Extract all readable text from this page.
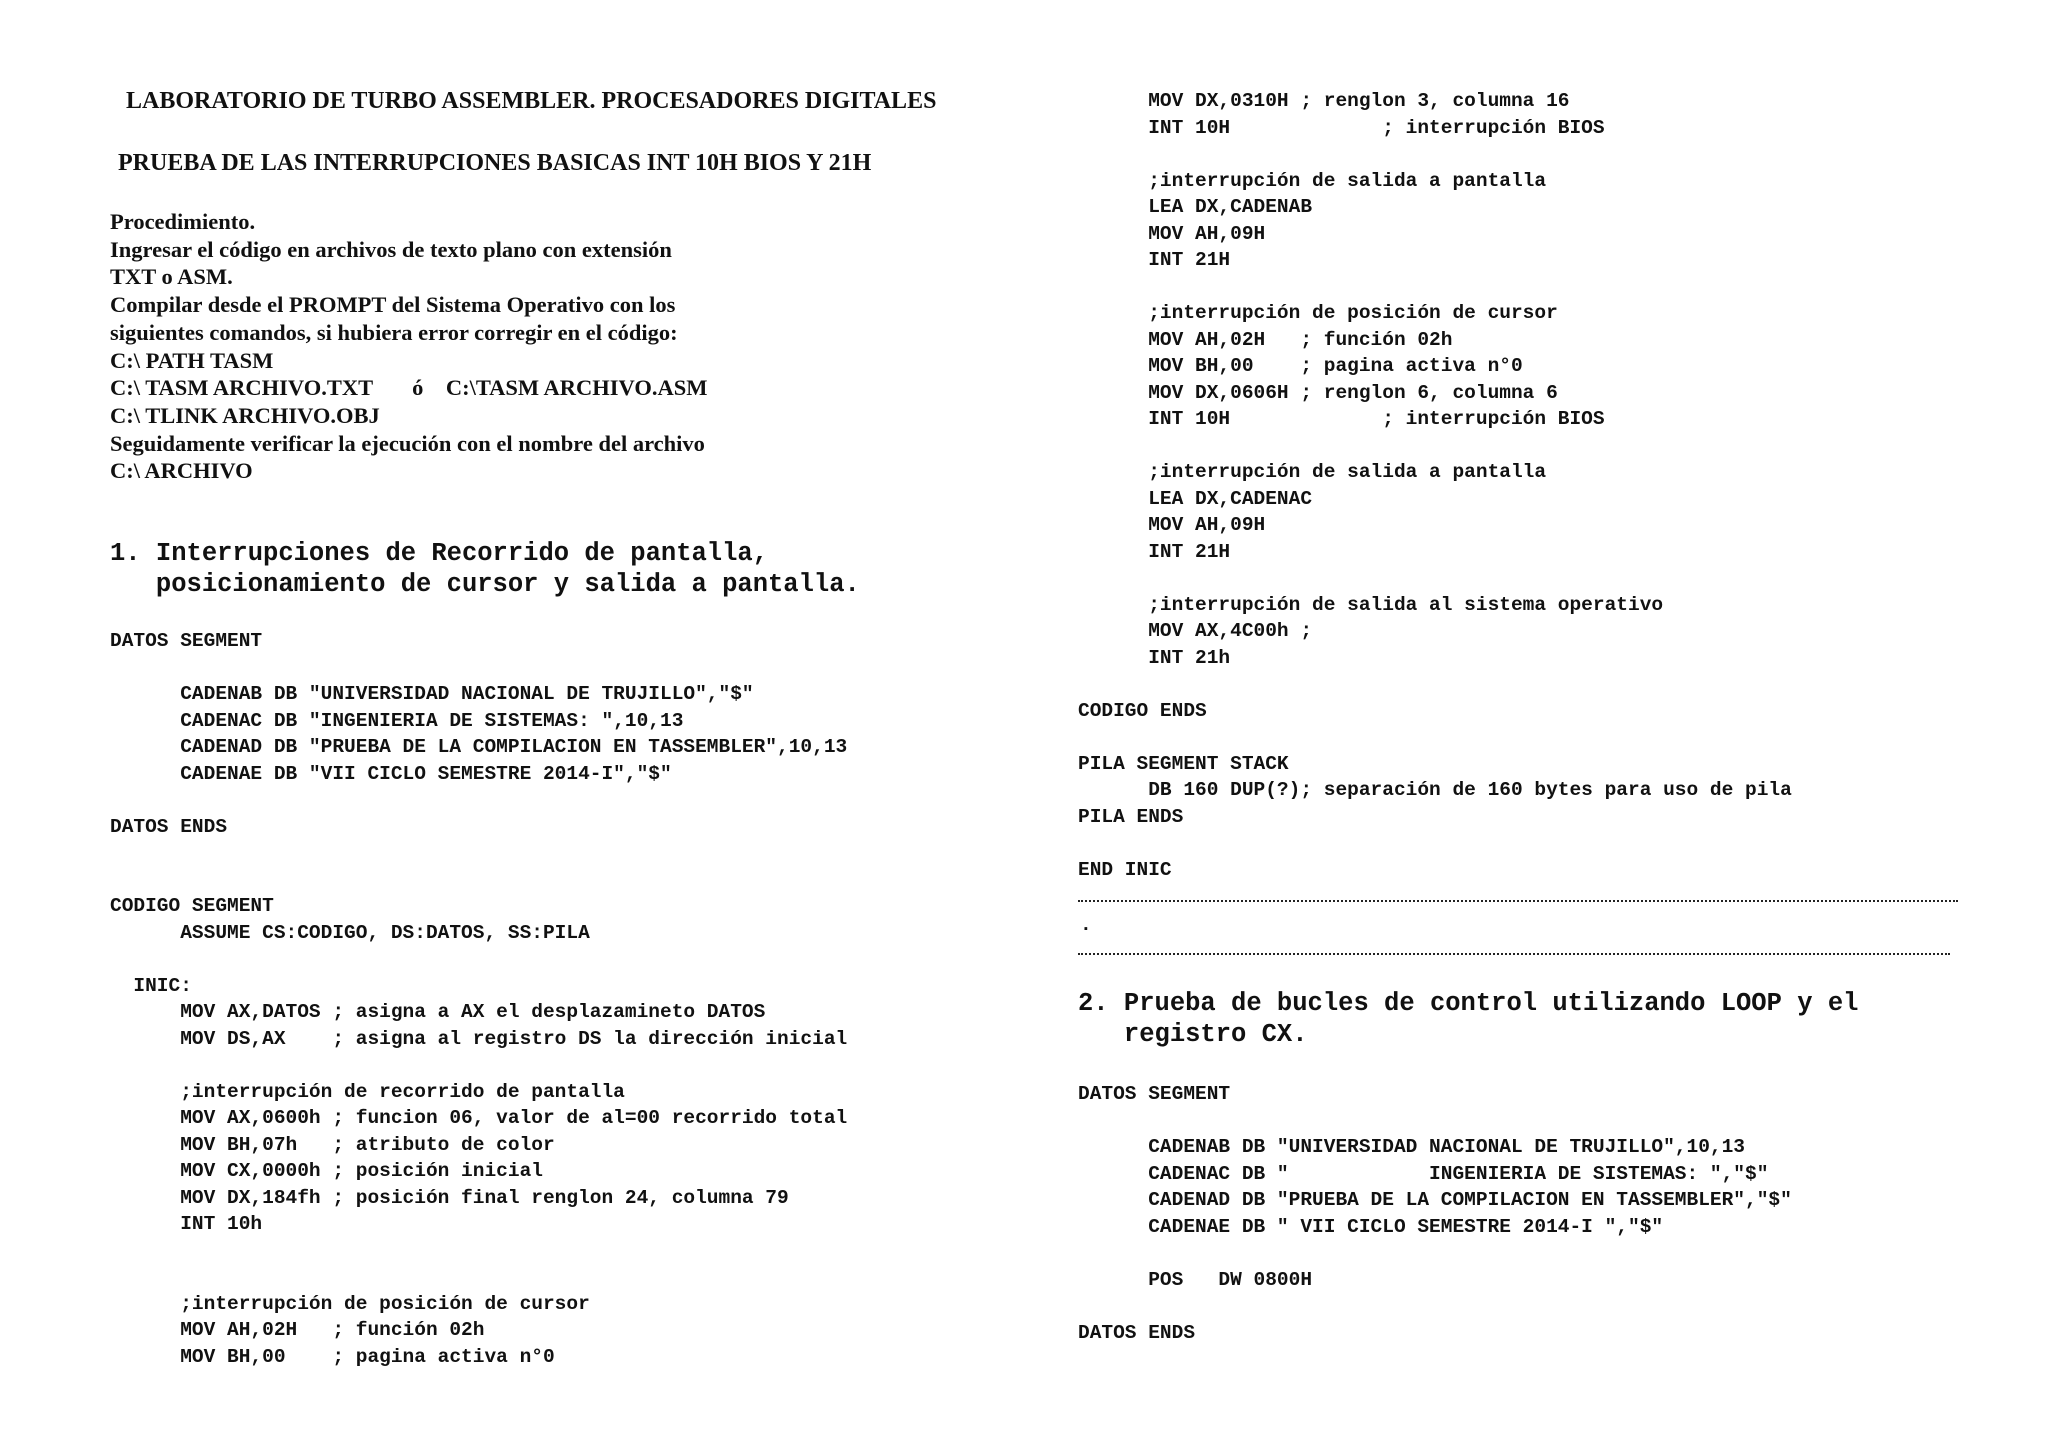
LABORATORIO DE TURBO ASSEMBLER. PROCESADORES DIGITALES

PRUEBA DE LAS INTERRUPCIONES BASICAS INT 10H BIOS Y 21H

Procedimiento.

Ingresar el código en archivos de texto plano con extensión

TXT o ASM.

Compilar desde el PROMPT del Sistema Operativo con los

siguientes comandos, si hubiera error corregir en el código:

C:\ PATH TASM

C:\ TASM ARCHIVO.TXT       ó    C:\TASM ARCHIVO.ASM

C:\ TLINK ARCHIVO.OBJ

Seguidamente verificar la ejecución con el nombre del archivo

C:\ ARCHIVO

1. Interrupciones de Recorrido de pantalla,

posicionamiento de cursor y salida a pantalla.

DATOS SEGMENT

CADENAB DB "UNIVERSIDAD NACIONAL DE TRUJILLO","$"

CADENAC DB "INGENIERIA DE SISTEMAS: ",10,13

CADENAD DB "PRUEBA DE LA COMPILACION EN TASSEMBLER",10,13

CADENAE DB "VII CICLO SEMESTRE 2014-I","$"

DATOS ENDS

CODIGO SEGMENT

ASSUME CS:CODIGO, DS:DATOS, SS:PILA

INIC:

MOV AX,DATOS ; asigna a AX el desplazamineto DATOS

MOV DS,AX    ; asigna al registro DS la dirección inicial

;interrupción de recorrido de pantalla

MOV AX,0600h ; funcion 06, valor de al=00 recorrido total

MOV BH,07h   ; atributo de color

MOV CX,0000h ; posición inicial

MOV DX,184fh ; posición final renglon 24, columna 79

INT 10h

;interrupción de posición de cursor

MOV AH,02H   ; función 02h

MOV BH,00    ; pagina activa n°0

MOV DX,0310H ; renglon 3, columna 16

INT 10H             ; interrupción BIOS

;interrupción de salida a pantalla

LEA DX,CADENAB

MOV AH,09H

INT 21H

;interrupción de posición de cursor

MOV AH,02H   ; función 02h

MOV BH,00    ; pagina activa n°0

MOV DX,0606H ; renglon 6, columna 6

INT 10H             ; interrupción BIOS

;interrupción de salida a pantalla

LEA DX,CADENAC

MOV AH,09H

INT 21H

;interrupción de salida al sistema operativo

MOV AX,4C00h ;

INT 21h

CODIGO ENDS

PILA SEGMENT STACK

DB 160 DUP(?); separación de 160 bytes para uso de pila

PILA ENDS

END INIC

.

2. Prueba de bucles de control utilizando LOOP y el

registro CX.

DATOS SEGMENT

CADENAB DB "UNIVERSIDAD NACIONAL DE TRUJILLO",10,13

CADENAC DB "            INGENIERIA DE SISTEMAS: ","$"

CADENAD DB "PRUEBA DE LA COMPILACION EN TASSEMBLER","$"

CADENAE DB " VII CICLO SEMESTRE 2014-I ","$"

POS   DW 0800H

DATOS ENDS
